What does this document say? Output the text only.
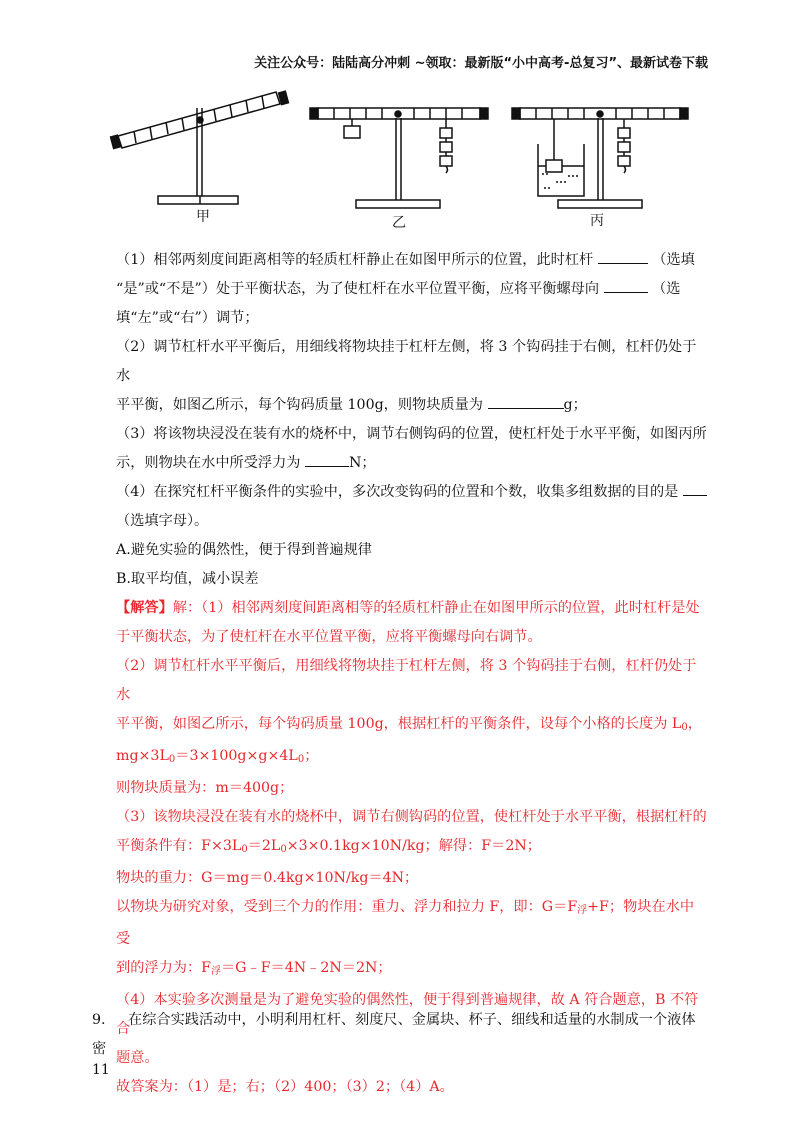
关注公众号：陆陆高分冲刺 ~领取：最新版“小中高考-总复习”、最新试卷下载
甲	乙	丙

（1）相邻两刻度间距离相等的轻质杠杆静止在如图甲所示的位置，此时杠杆	（选填

“是”或“不是”）处于平衡状态，为了使杠杆在水平位置平衡，应将平衡螺母向	（选

填“左”或“右”）调节；

（2）调节杠杆水平平衡后，用细线将物块挂于杠杆左侧，将 3 个钩码挂于右侧，杠杆仍处于水

平平衡，如图乙所示，每个钩码质量 100g，则物块质量为	g；

（3）将该物块浸没在装有水的烧杯中，调节右侧钩码的位置，使杠杆处于水平平衡，如图丙所

示，则物块在水中所受浮力为	N；

（4）在探究杠杆平衡条件的实验中，多次改变钩码的位置和个数，收集多组数据的目的是

（选填字母）。

A.避免实验的偶然性，便于得到普遍规律

B.取平均值，减小误差

【解答】解：（1）相邻两刻度间距离相等的轻质杠杆静止在如图甲所示的位置，此时杠杆是处

于平衡状态，为了使杠杆在水平位置平衡，应将平衡螺母向右调节。

（2）调节杠杆水平平衡后，用细线将物块挂于杠杆左侧，将 3 个钩码挂于右侧，杠杆仍处于水

平平衡，如图乙所示，每个钩码质量 100g，根据杠杆的平衡条件，设每个小格的长度为 $L_0$，

$mg\times 3L_0=3\times 100g\times g\times 4L_0$；

则物块质量为：m＝400g；

（3）该物块浸没在装有水的烧杯中，调节右侧钩码的位置，使杠杆处于水平平衡，根据杠杆的

平衡条件有：$F\times 3L_0=2L_0\times 3\times 0.1kg\times 10N/kg$；解得：F＝2N；

物块的重力：G＝mg＝0.4kg×10N/kg＝4N；

以物块为研究对象，受到三个力的作用：重力、浮力和拉力 F，即：$G=F_浮+F$；物块在水中受

到的浮力为：$F_浮=G﹣F=4N﹣2N=2N$；

（4）本实验多次测量是为了避免实验的偶然性，便于得到普遍规律，故 A 符合题意，B 不符合

题意。

故答案为：（1）是；右；（2）400；（3）2；（4）A。

9. 在综合实践活动中，小明利用杠杆、刻度尺、金属块、杯子、细线和适量的水制成一个液体密
11
